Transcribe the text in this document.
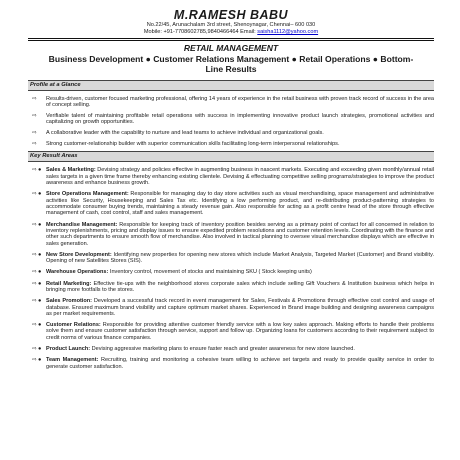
M.RAMESH BABU
No.22/45, Arunachalam 3rd street, Shenoynagar, Chennai– 600 030
Mobile: +91-7708602785,9840466464 Email: saisha1112@yahoo.com
RETAIL MANAGEMENT
Business Development ● Customer Relations Management ● Retail Operations ● Bottom-Line Results
Profile at a Glance
⇨ Results-driven, customer focused marketing professional, offering 14 years of experience in the retail business with proven track record of success in the area of concept selling.
⇨ Verifiable talent of maintaining profitable retail operations with success in implementing innovative product launch strategies, promotional activities and capitalizing on growth opportunities.
⇨ A collaborative leader with the capability to nurture and lead teams to achieve individual and organizational goals.
⇨ Strong customer-relationship builder with superior communication skills facilitating long-term interpersonal relationships.
Key Result Areas
⇨ ● Sales & Marketing: Devising strategy and policies effective in augmenting business in nascent markets. Executing and exceeding given monthly/annual retail sales targets in a given time frame thereby enhancing existing clientele. Devising & effectuating competitive selling programs/strategies to improve the product awareness and enhance business growth.
⇨ ● Store Operations Management: Responsible for managing day to day store activities such as visual merchandising, space management and administrative activities like Security, Housekeeping and Sales Tax etc. Identifying a low performing product, and re-distributing product-patterning strategies to accommodate consumer buying trends, maintaining a steady revenue gain. Also responsible for acting as a profit centre head of the store through effective management of cash, cost control, staff and sales management.
⇨ ● Merchandise Management: Responsible for keeping track of inventory position besides serving as a primary point of contact for all concerned in relation to inventory replenishments, pricing and display issues to ensure expedited problem resolutions and customer retention levels. Coordinating with the finance and other such departments to ensure smooth flow of merchandise. Also involved in tactical planning to oversee visual merchandise displays which are effective in sales generation.
⇨ ● New Store Development: Identifying new properties for opening new stores which include Market Analysis, Targeted Market (Customer) and Brand visibility. Opening of new Satellites Stores (SIS).
⇨ ● Warehouse Operations: Inventory control, movement of stocks and maintaining SKU ( Stock keeping units)
⇨ ● Retail Marketing: Effective tie-ups with the neighborhood stores corporate sales which include selling Gift Vouchers & Institution business which helps in bringing more footfalls to the stores.
⇨ ● Sales Promotion: Developed a successful track record in event management for Sales, Festivals & Promotions through effective cost control and usage of database. Ensured maximum brand visibility and capture optimum market shares. Experienced in Brand image building and designing awareness campaigns as per market requirements.
⇨ ● Customer Relations: Responsible for providing attentive customer friendly service with a low key sales approach. Making efforts to handle their problems solve them and ensure customer satisfaction through service, support and follow up. Organizing loans for customers according to their requirement subject to credit norms of various finance companies.
⇨ ● Product Launch: Devising aggressive marketing plans to ensure faster reach and greater awareness for new store launched.
⇨ ● Team Management: Recruiting, training and monitoring a cohesive team willing to achieve set targets and ready to provide quality service in order to generate customer satisfaction.
